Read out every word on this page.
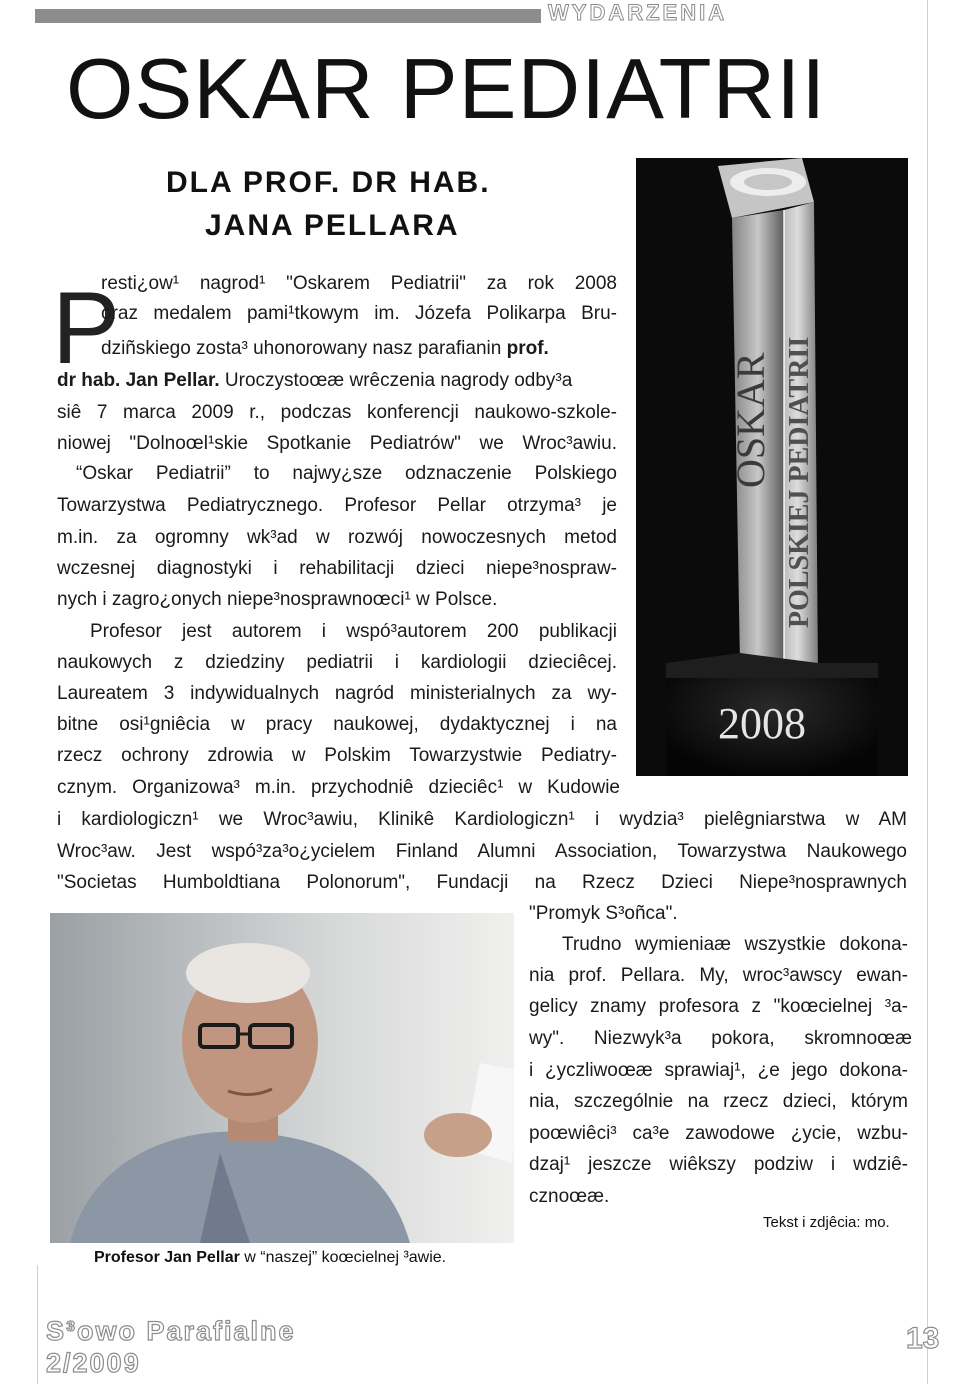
WYDARZENIA
OSKAR PEDIATRII
DLA PROF. DR HAB.
JANA PELLARA
P
resti¿ow¹ nagrod¹ "Oskarem Pediatrii" za rok 2008
oraz medalem pami¹tkowym im. Józefa Polikarpa Bru-
dziñskiego zosta³ uhonorowany nasz parafianin prof.
dr hab. Jan Pellar. Uroczystoœæ wrêczenia nagrody odby³a
siê 7 marca 2009 r., podczas konferencji naukowo-szkole-
niowej "Dolnoœl¹skie Spotkanie Pediatrów" we Wroc³awiu.
“Oskar Pediatrii” to najwy¿sze odznaczenie Polskiego
Towarzystwa Pediatrycznego. Profesor Pellar otrzyma³ je
m.in. za ogromny wk³ad w rozwój nowoczesnych metod
wczesnej diagnostyki i rehabilitacji dzieci niepe³nospraw-
nych i zagro¿onych niepe³nosprawnoœci¹ w Polsce.
Profesor jest autorem i wspó³autorem 200 publikacji
naukowych z dziedziny pediatrii i kardiologii dzieciêcej.
Laureatem 3 indywidualnych nagród ministerialnych za wy-
bitne osi¹gniêcia w pracy naukowej, dydaktycznej i na
rzecz ochrony zdrowia w Polskim Towarzystwie Pediatry-
cznym. Organizowa³ m.in. przychodniê dzieciêc¹ w Kudowie
i kardiologiczn¹ we Wroc³awiu, Klinikê Kardiologiczn¹ i wydzia³ pielêgniarstwa w AM
Wroc³aw. Jest wspó³za³o¿ycielem Finland Alumni Association, Towarzystwa Naukowego
"Societas Humboldtiana Polonorum", Fundacji na Rzecz Dzieci Niepe³nosprawnych
"Promyk S³oñca".
Trudno wymieniaæ wszystkie dokona-
nia prof. Pellara. My, wroc³awscy ewan-
gelicy znamy profesora z "koœcielnej ³a-
wy". Niezwyk³a pokora, skromnoœæ
i ¿yczliwoœæ sprawiaj¹, ¿e jego dokona-
nia, szczególnie na rzecz dzieci, którym
poœwiêci³ ca³e zawodowe ¿ycie, wzbu-
dzaj¹ jeszcze wiêkszy podziw i wdziê-
cznoœæ.
OSKAR POLSKIEJ PEDIATRII
2008
Profesor Jan Pellar w “naszej” koœcielnej ³awie.
Tekst i zdjêcia: mo.
S³owo Parafialne
2/2009
13
